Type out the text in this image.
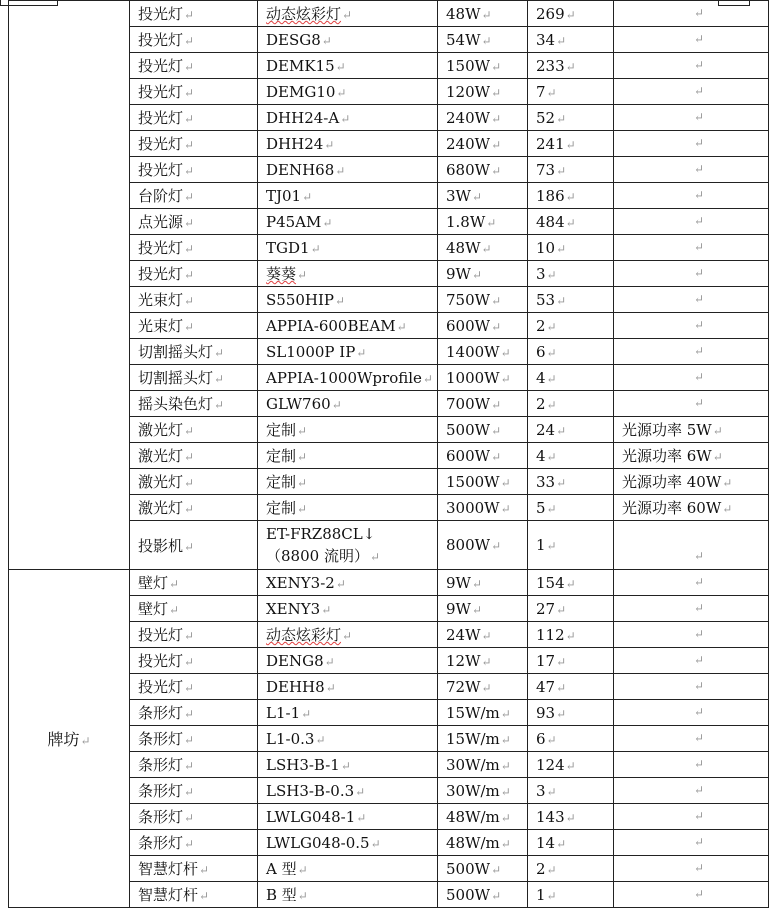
	投光灯↵	动态炫彩灯↵	48W↵	269↵	↵

	投光灯↵	DESG8↵	54W↵	34↵	↵

	投光灯↵	DEMK15↵	150W↵	233↵	↵

	投光灯↵	DEMG10↵	120W↵	7↵	↵

	投光灯↵	DHH24-A↵	240W↵	52↵	↵

	投光灯↵	DHH24↵	240W↵	241↵	↵

	投光灯↵	DENH68↵	680W↵	73↵	↵

	台阶灯↵	TJ01↵	3W↵	186↵	↵

	点光源↵	P45AM↵	1.8W↵	484↵	↵

	投光灯↵	TGD1↵	48W↵	10↵	↵

	投光灯↵	葵葵↵	9W↵	3↵	↵

	光束灯↵	S550HIP↵	750W↵	53↵	↵

	光束灯↵	APPIA-600BEAM↵	600W↵	2↵	↵

	切割摇头灯↵	SL1000P IP↵	1400W↵	6↵	↵

	切割摇头灯↵	APPIA-1000Wprofile↵	1000W↵	4↵	↵

	摇头染色灯↵	GLW760↵	700W↵	2↵	↵

	激光灯↵	定制↵	500W↵	24↵	光源功率 5W↵
	激光灯↵	定制↵	600W↵	4↵	光源功率 6W↵
	激光灯↵	定制↵	1500W↵	33↵	光源功率 40W↵
	激光灯↵	定制↵	3000W↵	5↵	光源功率 60W↵
	投影机↵	ET-FRZ88CL↓
（8800 流明）↵	800W↵	1↵	↵

牌坊↵	壁灯↵	XENY3-2↵	9W↵	154↵	↵

	壁灯↵	XENY3↵	9W↵	27↵	↵

	投光灯↵	动态炫彩灯↵	24W↵	112↵	↵

	投光灯↵	DENG8↵	12W↵	17↵	↵

	投光灯↵	DEHH8↵	72W↵	47↵	↵

	条形灯↵	L1-1↵	15W/m↵	93↵	↵

	条形灯↵	L1-0.3↵	15W/m↵	6↵	↵

	条形灯↵	LSH3-B-1↵	30W/m↵	124↵	↵

	条形灯↵	LSH3-B-0.3↵	30W/m↵	3↵	↵

	条形灯↵	LWLG048-1↵	48W/m↵	143↵	↵

	条形灯↵	LWLG048-0.5↵	48W/m↵	14↵	↵

	智慧灯杆↵	A 型↵	500W↵	2↵	↵

	智慧灯杆↵	B 型↵	500W↵	1↵	↵
